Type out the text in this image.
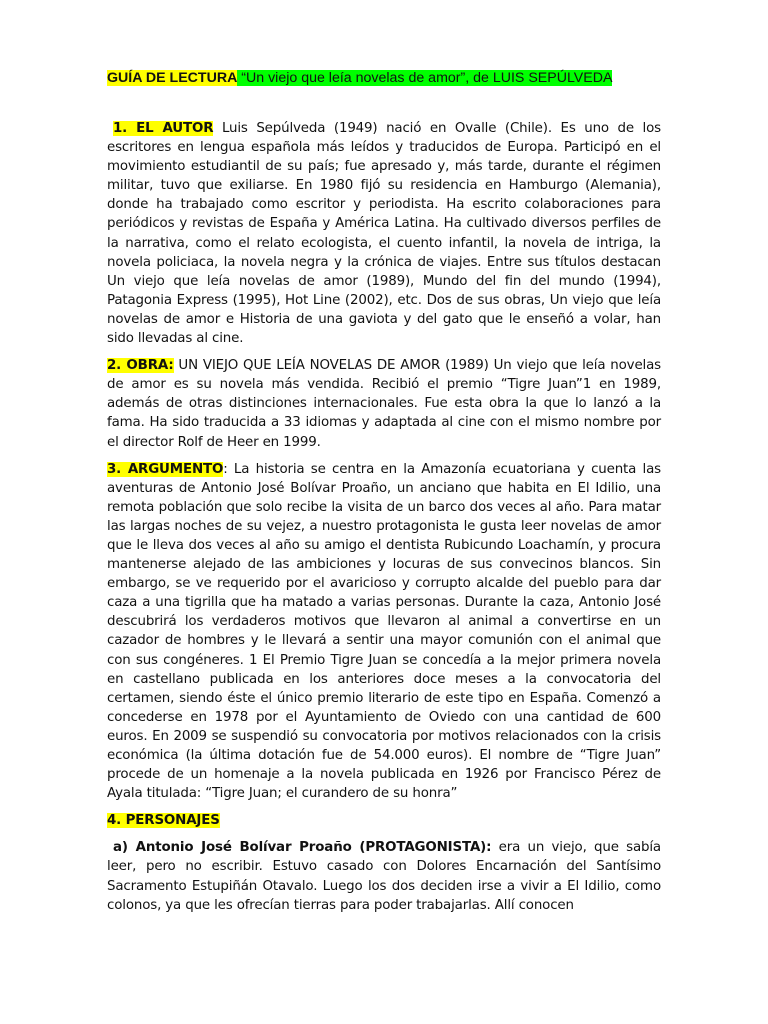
GUÍA DE LECTURA “Un viejo que leía novelas de amor”, de LUIS SEPÚLVEDA

1. EL AUTOR Luis Sepúlveda (1949) nació en Ovalle (Chile). Es uno de los escritores en lengua española más leídos y traducidos de Europa. Participó en el movimiento estudiantil de su país; fue apresado y, más tarde, durante el régimen militar, tuvo que exiliarse. En 1980 fijó su residencia en Hamburgo (Alemania), donde ha trabajado como escritor y periodista. Ha escrito colaboraciones para periódicos y revistas de España y América Latina. Ha cultivado diversos perfiles de la narrativa, como el relato ecologista, el cuento infantil, la novela de intriga, la novela policiaca, la novela negra y la crónica de viajes. Entre sus títulos destacan Un viejo que leía novelas de amor (1989), Mundo del fin del mundo (1994), Patagonia Express (1995), Hot Line (2002), etc. Dos de sus obras, Un viejo que leía novelas de amor e Historia de una gaviota y del gato que le enseñó a volar, han sido llevadas al cine.

2. OBRA: UN VIEJO QUE LEÍA NOVELAS DE AMOR (1989) Un viejo que leía novelas de amor es su novela más vendida. Recibió el premio “Tigre Juan”1 en 1989, además de otras distinciones internacionales. Fue esta obra la que lo lanzó a la fama. Ha sido traducida a 33 idiomas y adaptada al cine con el mismo nombre por el director Rolf de Heer en 1999.

3. ARGUMENTO: La historia se centra en la Amazonía ecuatoriana y cuenta las aventuras de Antonio José Bolívar Proaño, un anciano que habita en El Idilio, una remota población que solo recibe la visita de un barco dos veces al año. Para matar las largas noches de su vejez, a nuestro protagonista le gusta leer novelas de amor que le lleva dos veces al año su amigo el dentista Rubicundo Loachamín, y procura mantenerse alejado de las ambiciones y locuras de sus convecinos blancos. Sin embargo, se ve requerido por el avaricioso y corrupto alcalde del pueblo para dar caza a una tigrilla que ha matado a varias personas. Durante la caza, Antonio José descubrirá los verdaderos motivos que llevaron al animal a convertirse en un cazador de hombres y le llevará a sentir una mayor comunión con el animal que con sus congéneres. 1 El Premio Tigre Juan se concedía a la mejor primera novela en castellano publicada en los anteriores doce meses a la convocatoria del certamen, siendo éste el único premio literario de este tipo en España. Comenzó a concederse en 1978 por el Ayuntamiento de Oviedo con una cantidad de 600 euros. En 2009 se suspendió su convocatoria por motivos relacionados con la crisis económica (la última dotación fue de 54.000 euros). El nombre de “Tigre Juan” procede de un homenaje a la novela publicada en 1926 por Francisco Pérez de Ayala titulada: “Tigre Juan; el curandero de su honra”

4. PERSONAJES

a) Antonio José Bolívar Proaño (PROTAGONISTA): era un viejo, que sabía leer, pero no escribir. Estuvo casado con Dolores Encarnación del Santísimo Sacramento Estupiñán Otavalo. Luego los dos deciden irse a vivir a El Idilio, como colonos, ya que les ofrecían tierras para poder trabajarlas. Allí conocen
